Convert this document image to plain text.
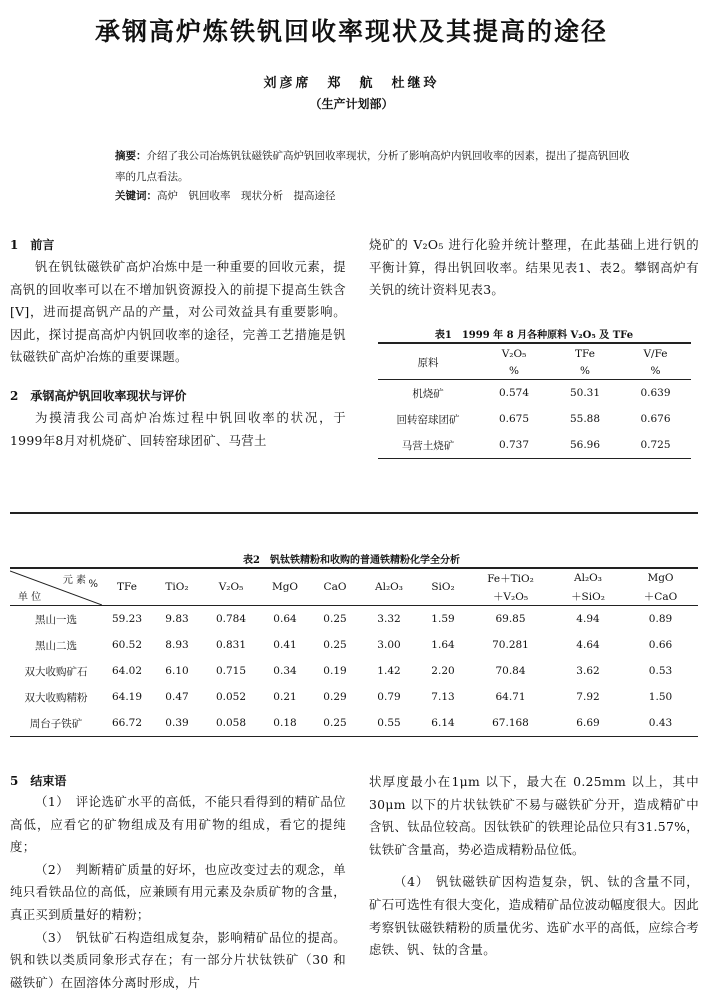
承钢高炉炼铁钒回收率现状及其提高的途径
刘彦席　郑　航　杜继玲
（生产计划部）
摘要：介绍了我公司冶炼钒钛磁铁矿高炉钒回收率现状，分析了影响高炉内钒回收率的因素，提出了提高钒回收率的几点看法。
关键词：高炉　钒回收率　现状分析　提高途径
1　前言
钒在钒钛磁铁矿高炉冶炼中是一种重要的回收元素，提高钒的回收率可以在不增加钒资源投入的前提下提高生铁含[V]，进而提高钒产品的产量，对公司效益具有重要影响。因此，探讨提高高炉内钒回收率的途径，完善工艺措施是钒钛磁铁矿高炉冶炼的重要课题。
2　承钢高炉钒回收率现状与评价
为摸清我公司高炉冶炼过程中钒回收率的状况，于1999年8月对机烧矿、回转窑球团矿、马营土
烧矿的 V₂O₅ 进行化验并统计整理，在此基础上进行钒的平衡计算，得出钒回收率。结果见表1、表2。攀钢高炉有关钒的统计资料见表3。
表1　1999 年 8 月各种原料 V₂O₅ 及 TFe
原料	V₂O₅	TFe	V/Fe
	%	%	%
机烧矿	0.574	50.31	0.639
回转窑球团矿	0.675	55.88	0.676
马营土烧矿	0.737	56.96	0.725
表2　钒钛铁精粉和收购的普通铁精粉化学全分析
元 素 %
单 位	TFe	TiO₂	V₂O₅	MgO	CaO	Al₂O₃	SiO₂	Fe＋TiO₂	Al₂O₃	MgO
								＋V₂O₅	＋SiO₂	＋CaO
黑山一选	59.23	9.83	0.784	0.64	0.25	3.32	1.59	69.85	4.94	0.89
黑山二选	60.52	8.93	0.831	0.41	0.25	3.00	1.64	70.281	4.64	0.66
双大收购矿石	64.02	6.10	0.715	0.34	0.19	1.42	2.20	70.84	3.62	0.53
双大收购精粉	64.19	0.47	0.052	0.21	0.29	0.79	7.13	64.71	7.92	1.50
周台子铁矿	66.72	0.39	0.058	0.18	0.25	0.55	6.14	67.168	6.69	0.43
5　结束语
（1）　评论选矿水平的高低，不能只看得到的精矿品位高低，应看它的矿物组成及有用矿物的组成，看它的提纯度；
（2）　判断精矿质量的好坏，也应改变过去的观念，单纯只看铁品位的高低，应兼顾有用元素及杂质矿物的含量，真正买到质量好的精粉；
（3）　钒钛矿石构造组成复杂，影响精矿品位的提高。钒和铁以类质同象形式存在；有一部分片状钛铁矿（30 和磁铁矿）在固溶体分离时形成，片
状厚度最小在1μm 以下，最大在 0.25mm 以上，其中 30μm 以下的片状钛铁矿不易与磁铁矿分开，造成精矿中含钒、钛品位较高。因钛铁矿的铁理论品位只有31.57%，钛铁矿含量高，势必造成精粉品位低。
（4）　钒钛磁铁矿因构造复杂，钒、钛的含量不同，矿石可选性有很大变化，造成精矿品位波动幅度很大。因此考察钒钛磁铁精粉的质量优劣、选矿水平的高低，应综合考虑铁、钒、钛的含量。
